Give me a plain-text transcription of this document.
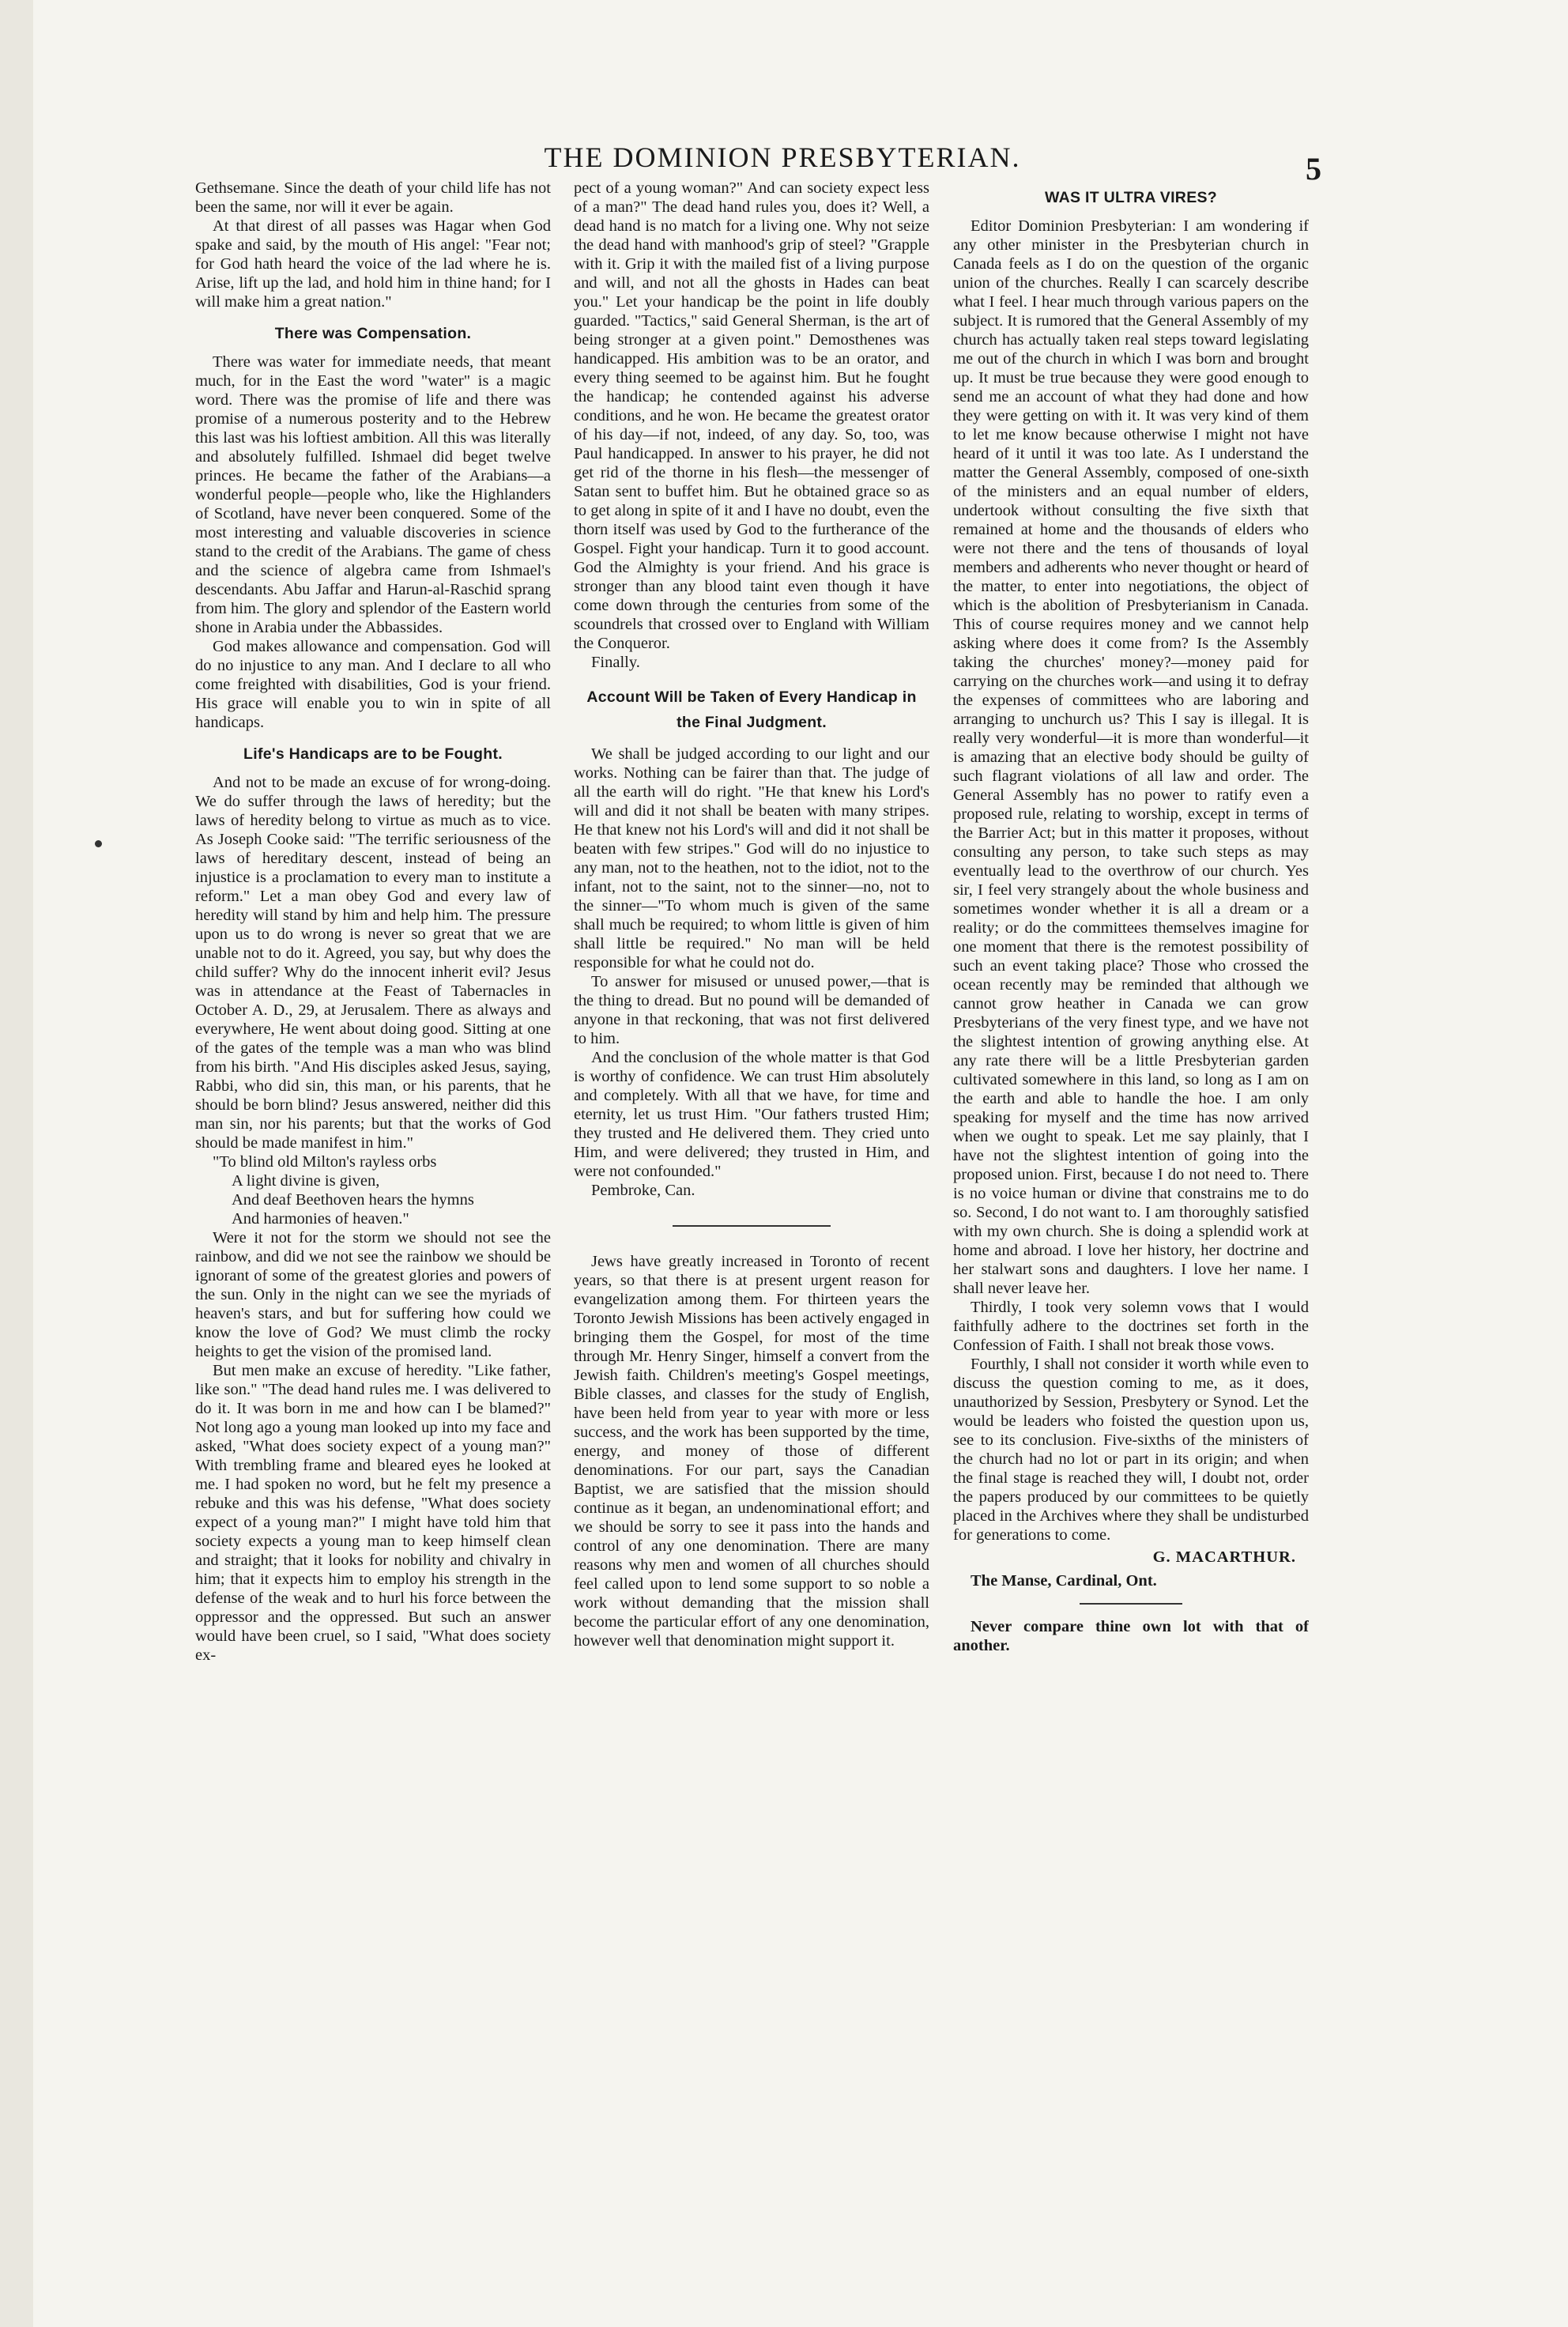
THE DOMINION PRESBYTERIAN.	5

Gethsemane. Since the death of your child life has not been the same, nor will it ever be again.

At that direst of all passes was Hagar when God spake and said, by the mouth of His angel: "Fear not; for God hath heard the voice of the lad where he is. Arise, lift up the lad, and hold him in thine hand; for I will make him a great nation."

There was Compensation.

There was water for immediate needs, that meant much, for in the East the word "water" is a magic word. There was the promise of life and there was promise of a numerous posterity and to the Hebrew this last was his loftiest ambition. All this was literally and absolutely fulfilled. Ishmael did beget twelve princes. He became the father of the Arabians—a wonderful people—people who, like the Highlanders of Scotland, have never been conquered. Some of the most interesting and valuable discoveries in science stand to the credit of the Arabians. The game of chess and the science of algebra came from Ishmael's descendants. Abu Jaffar and Harun-al-Raschid sprang from him. The glory and splendor of the Eastern world shone in Arabia under the Abbassides.

God makes allowance and compensation. God will do no injustice to any man. And I declare to all who come freighted with disabilities, God is your friend. His grace will enable you to win in spite of all handicaps.

Life's Handicaps are to be Fought.

And not to be made an excuse of for wrong-doing. We do suffer through the laws of heredity; but the laws of heredity belong to virtue as much as to vice. As Joseph Cooke said: "The terrific seriousness of the laws of hereditary descent, instead of being an injustice is a proclamation to every man to institute a reform." Let a man obey God and every law of heredity will stand by him and help him. The pressure upon us to do wrong is never so great that we are unable not to do it. Agreed, you say, but why does the child suffer? Why do the innocent inherit evil? Jesus was in attendance at the Feast of Tabernacles in October A. D., 29, at Jerusalem. There as always and everywhere, He went about doing good. Sitting at one of the gates of the temple was a man who was blind from his birth. "And His disciples asked Jesus, saying, Rabbi, who did sin, this man, or his parents, that he should be born blind? Jesus answered, neither did this man sin, nor his parents; but that the works of God should be made manifest in him."

"To blind old Milton's rayless orbs
A light divine is given,
And deaf Beethoven hears the hymns
And harmonies of heaven."

Were it not for the storm we should not see the rainbow, and did we not see the rainbow we should be ignorant of some of the greatest glories and powers of the sun. Only in the night can we see the myriads of heaven's stars, and but for suffering how could we know the love of God? We must climb the rocky heights to get the vision of the promised land.

But men make an excuse of heredity. "Like father, like son." "The dead hand rules me. I was delivered to do it. It was born in me and how can I be blamed?" Not long ago a young man looked up into my face and asked, "What does society expect of a young man?" With trembling frame and bleared eyes he looked at me. I had spoken no word, but he felt my presence a rebuke and this was his defense, "What does society expect of a young man?" I might have told him that society expects a young man to keep himself clean and straight; that it looks for nobility and chivalry in him; that it expects him to employ his strength in the defense of the weak and to hurl his force between the oppressor and the oppressed. But such an answer would have been cruel, so I said, "What does society ex-

pect of a young woman?" And can society expect less of a man?" The dead hand rules you, does it? Well, a dead hand is no match for a living one. Why not seize the dead hand with manhood's grip of steel? "Grapple with it. Grip it with the mailed fist of a living purpose and will, and not all the ghosts in Hades can beat you." Let your handicap be the point in life doubly guarded. "Tactics," said General Sherman, is the art of being stronger at a given point." Demosthenes was handicapped. His ambition was to be an orator, and every thing seemed to be against him. But he fought the handicap; he contended against his adverse conditions, and he won. He became the greatest orator of his day—if not, indeed, of any day. So, too, was Paul handicapped. In answer to his prayer, he did not get rid of the thorne in his flesh—the messenger of Satan sent to buffet him. But he obtained grace so as to get along in spite of it and I have no doubt, even the thorn itself was used by God to the furtherance of the Gospel. Fight your handicap. Turn it to good account. God the Almighty is your friend. And his grace is stronger than any blood taint even though it have come down through the centuries from some of the scoundrels that crossed over to England with William the Conqueror.

Finally.

Account Will be Taken of Every Handicap in the Final Judgment.

We shall be judged according to our light and our works. Nothing can be fairer than that. The judge of all the earth will do right. "He that knew his Lord's will and did it not shall be beaten with many stripes. He that knew not his Lord's will and did it not shall be beaten with few stripes." God will do no injustice to any man, not to the heathen, not to the idiot, not to the infant, not to the saint, not to the sinner—no, not to the sinner—"To whom much is given of the same shall much be required; to whom little is given of him shall little be required." No man will be held responsible for what he could not do.

To answer for misused or unused power,—that is the thing to dread. But no pound will be demanded of anyone in that reckoning, that was not first delivered to him.

And the conclusion of the whole matter is that God is worthy of confidence. We can trust Him absolutely and completely. With all that we have, for time and eternity, let us trust Him. "Our fathers trusted Him; they trusted and He delivered them. They cried unto Him, and were delivered; they trusted in Him, and were not confounded."

Pembroke, Can.

Jews have greatly increased in Toronto of recent years, so that there is at present urgent reason for evangelization among them. For thirteen years the Toronto Jewish Missions has been actively engaged in bringing them the Gospel, for most of the time through Mr. Henry Singer, himself a convert from the Jewish faith. Children's meeting's Gospel meetings, Bible classes, and classes for the study of English, have been held from year to year with more or less success, and the work has been supported by the time, energy, and money of those of different denominations. For our part, says the Canadian Baptist, we are satisfied that the mission should continue as it began, an undenominational effort; and we should be sorry to see it pass into the hands and control of any one denomination. There are many reasons why men and women of all churches should feel called upon to lend some support to so noble a work without demanding that the mission shall become the particular effort of any one denomination, however well that denomination might support it.

WAS IT ULTRA VIRES?

Editor Dominion Presbyterian: I am wondering if any other minister in the Presbyterian church in Canada feels as I do on the question of the organic union of the churches. Really I can scarcely describe what I feel. I hear much through various papers on the subject. It is rumored that the General Assembly of my church has actually taken real steps toward legislating me out of the church in which I was born and brought up. It must be true because they were good enough to send me an account of what they had done and how they were getting on with it. It was very kind of them to let me know because otherwise I might not have heard of it until it was too late. As I understand the matter the General Assembly, composed of one-sixth of the ministers and an equal number of elders, undertook without consulting the five sixth that remained at home and the thousands of elders who were not there and the tens of thousands of loyal members and adherents who never thought or heard of the matter, to enter into negotiations, the object of which is the abolition of Presbyterianism in Canada. This of course requires money and we cannot help asking where does it come from? Is the Assembly taking the churches' money?—money paid for carrying on the churches work—and using it to defray the expenses of committees who are laboring and arranging to unchurch us? This I say is illegal. It is really very wonderful—it is more than wonderful—it is amazing that an elective body should be guilty of such flagrant violations of all law and order. The General Assembly has no power to ratify even a proposed rule, relating to worship, except in terms of the Barrier Act; but in this matter it proposes, without consulting any person, to take such steps as may eventually lead to the overthrow of our church. Yes sir, I feel very strangely about the whole business and sometimes wonder whether it is all a dream or a reality; or do the committees themselves imagine for one moment that there is the remotest possibility of such an event taking place? Those who crossed the ocean recently may be reminded that although we cannot grow heather in Canada we can grow Presbyterians of the very finest type, and we have not the slightest intention of growing anything else. At any rate there will be a little Presbyterian garden cultivated somewhere in this land, so long as I am on the earth and able to handle the hoe. I am only speaking for myself and the time has now arrived when we ought to speak. Let me say plainly, that I have not the slightest intention of going into the proposed union. First, because I do not need to. There is no voice human or divine that constrains me to do so. Second, I do not want to. I am thoroughly satisfied with my own church. She is doing a splendid work at home and abroad. I love her history, her doctrine and her stalwart sons and daughters. I love her name. I shall never leave her.

Thirdly, I took very solemn vows that I would faithfully adhere to the doctrines set forth in the Confession of Faith. I shall not break those vows.

Fourthly, I shall not consider it worth while even to discuss the question coming to me, as it does, unauthorized by Session, Presbytery or Synod. Let the would be leaders who foisted the question upon us, see to its conclusion. Five-sixths of the ministers of the church had no lot or part in its origin; and when the final stage is reached they will, I doubt not, order the papers produced by our committees to be quietly placed in the Archives where they shall be undisturbed for generations to come.

G. MACARTHUR.

The Manse, Cardinal, Ont.

Never compare thine own lot with that of another.
